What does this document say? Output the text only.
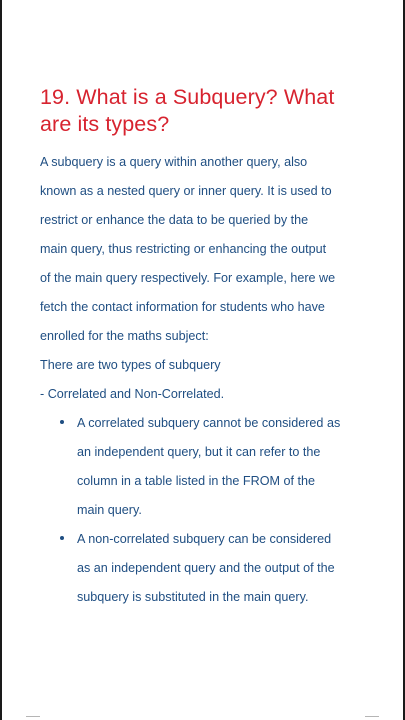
19. What is a Subquery? What
are its types?

A subquery is a query within another query, also
known as a nested query or inner query. It is used to
restrict or enhance the data to be queried by the
main query, thus restricting or enhancing the output
of the main query respectively. For example, here we
fetch the contact information for students who have
enrolled for the maths subject:

There are two types of subquery
- Correlated and Non-Correlated.

A correlated subquery cannot be considered as
an independent query, but it can refer to the
column in a table listed in the FROM of the
main query.
A non-correlated subquery can be considered
as an independent query and the output of the
subquery is substituted in the main query.
